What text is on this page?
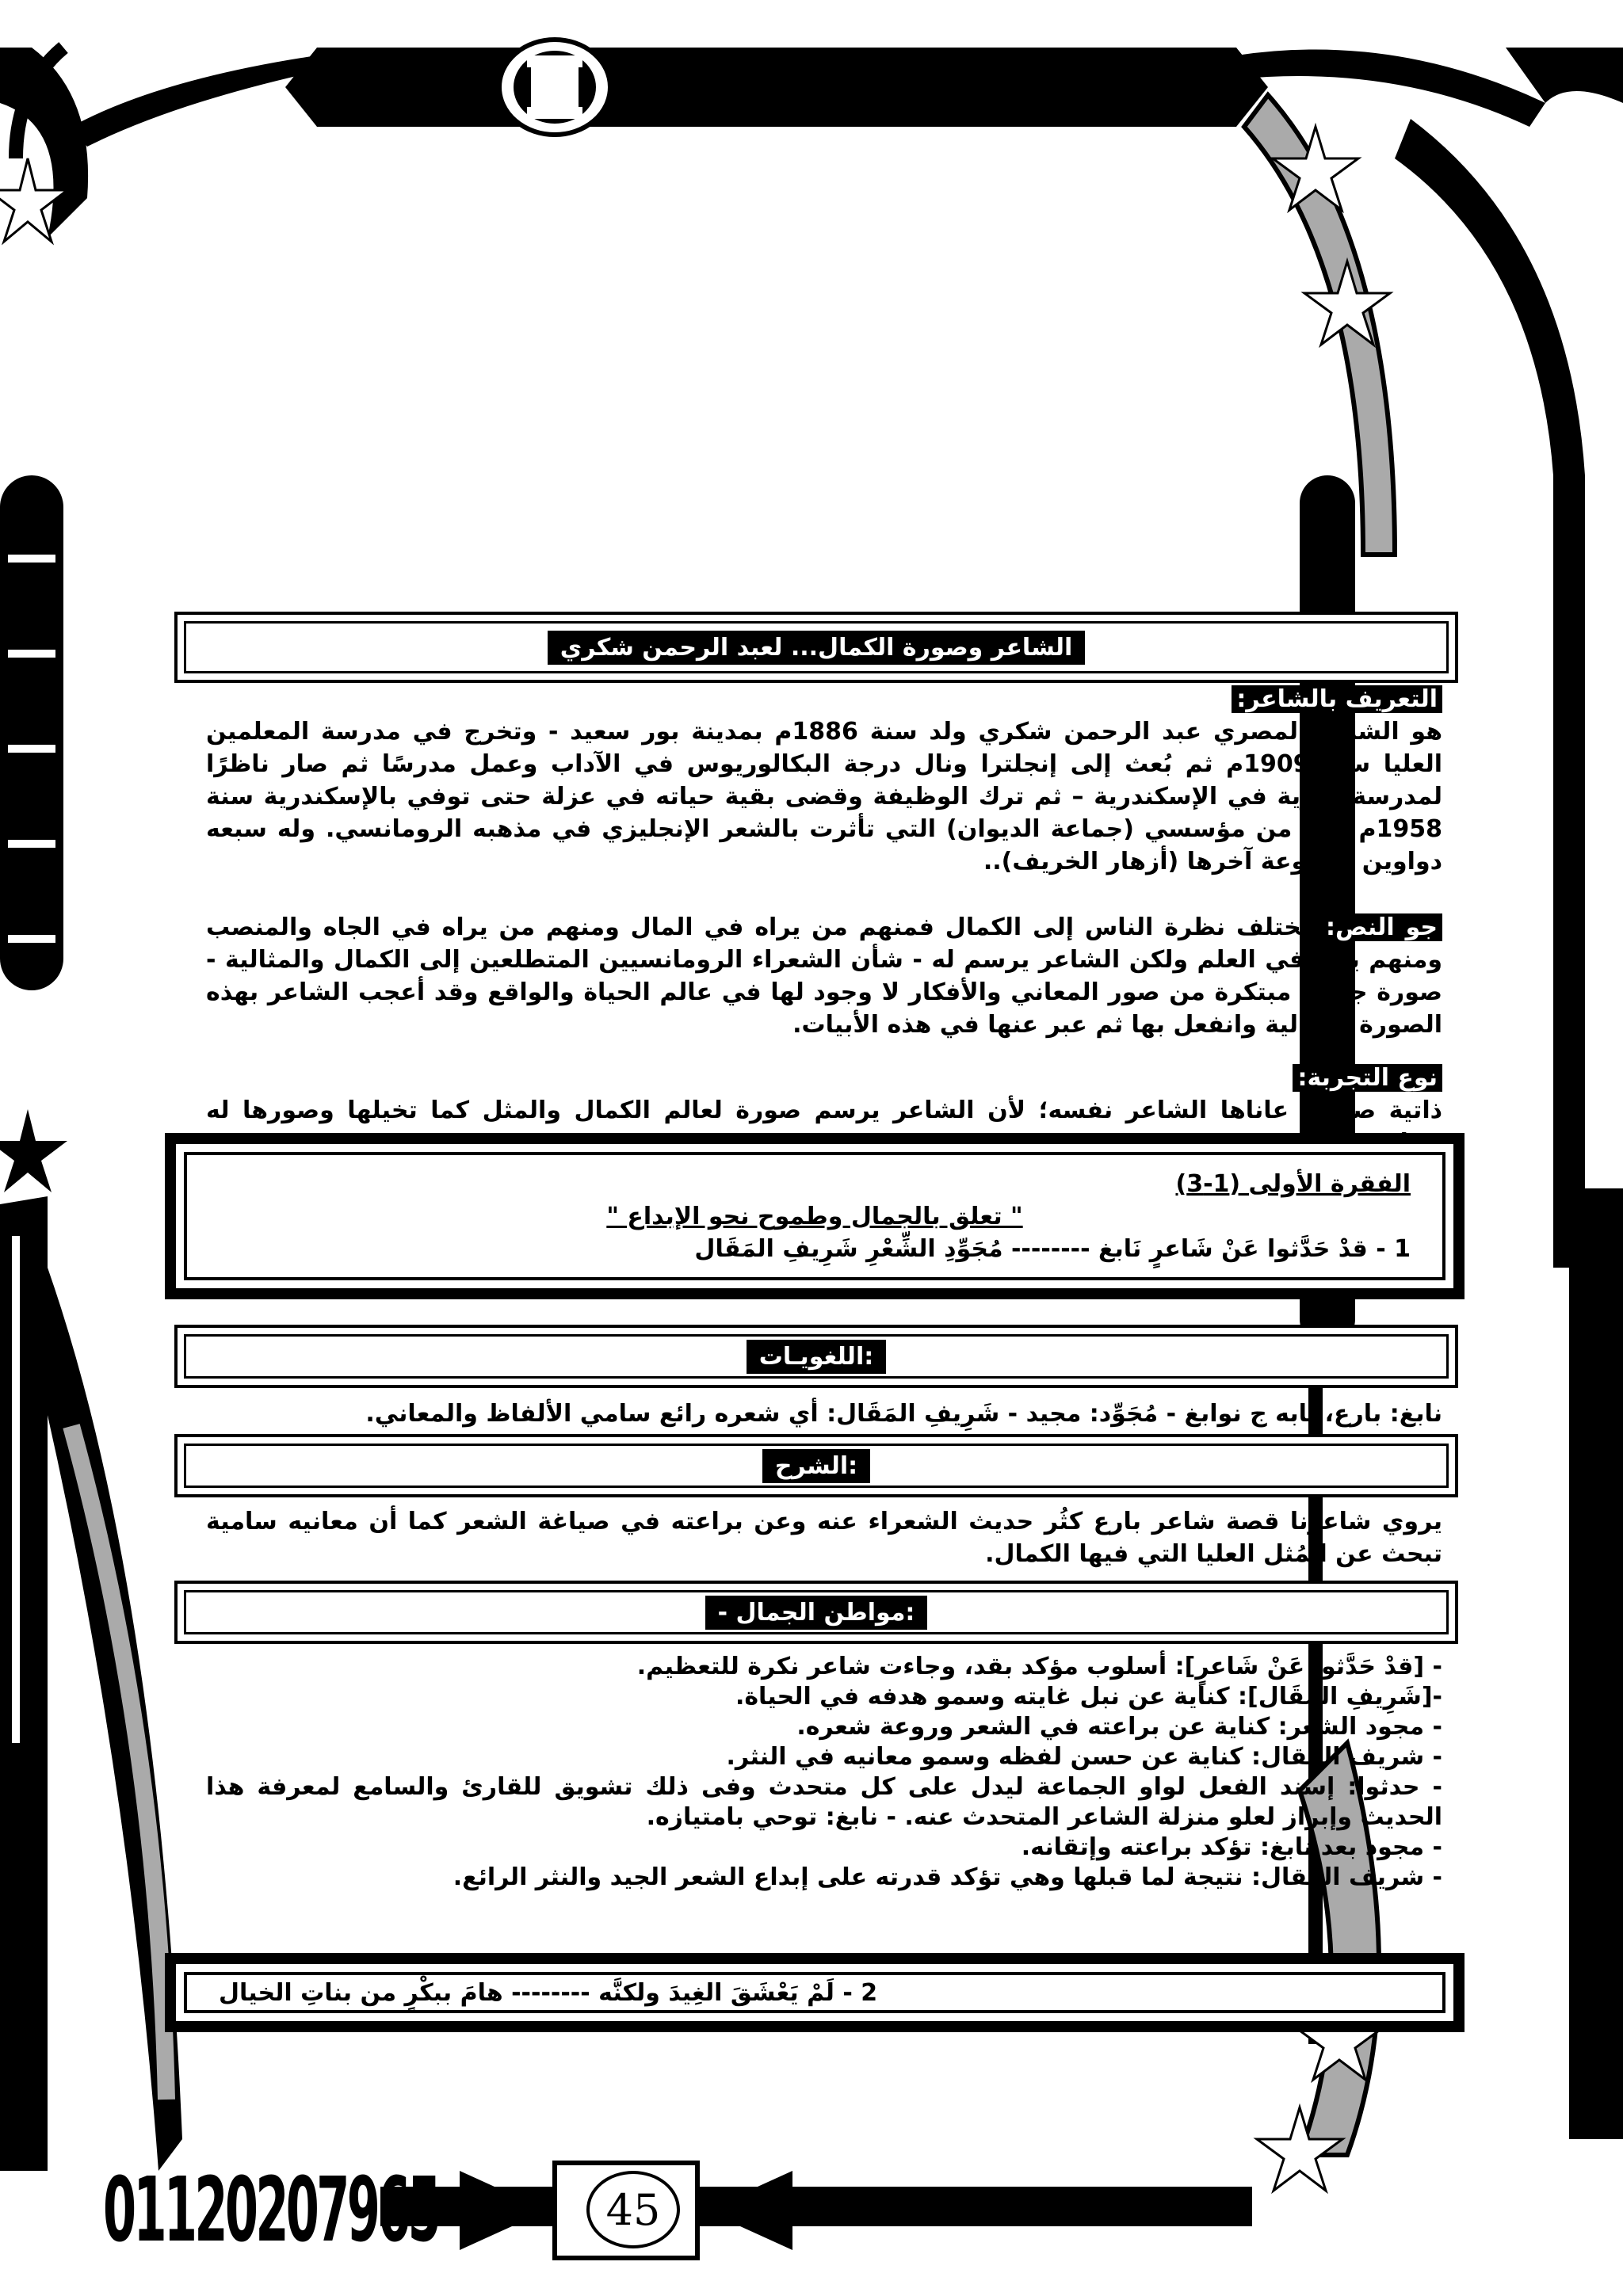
الشاعر وصورة الكمال... لعبد الرحمن شكري
التعريف بالشاعر:
هو الشاعر المصري عبد الرحمن شكري ولد سنة 1886م بمدينة بور سعيد - وتخرج في مدرسة المعلمين العليا سنة 1909م ثم بُعث إلى إنجلترا ونال درجة البكالوريوس في الآداب وعمل مدرسًا ثم صار ناظرًا لمدرسة ثانوية في الإسكندرية – ثم ترك الوظيفة وقضى بقية حياته في عزلة حتى توفي بالإسكندرية سنة 1958م وهو من مؤسسي (جماعة الديوان) التي تأثرت بالشعر الإنجليزي في مذهبه الرومانسي. وله سبعه دواوين مطبوعة آخرها (أزهار الخريف)..
جو النص: تختلف نظرة الناس إلى الكمال فمنهم من يراه في المال ومنهم من يراه في الجاه والمنصب ومنهم يراه في العلم ولكن الشاعر يرسم له - شأن الشعراء الرومانسيين المتطلعين إلى الكمال والمثالية - صورة جميلة مبتكرة من صور المعاني والأفكار لا وجود لها في عالم الحياة والواقع وقد أعجب الشاعر بهذه الصورة الخيالية وانفعل بها ثم عبر عنها في هذه الأبيات.
نوع التجربة:
ذاتية صادقة عاناها الشاعر نفسه؛ لأن الشاعر يرسم صورة لعالم الكمال والمثل كما تخيلها وصورها له
الفقرة الأولى (1-3)
" تعلق بالجمال وطموح نحو الإبداع "
1 - قدْ حَدَّثوا عَنْ شَاعرٍ نَابغ -------- مُجَوِّدِ الشِّعْرِ شَرِيفِ المَقَال
:اللغويـات
نابغ: بارع، نابه ج نوابغ - مُجَوِّد: مجيد - شَرِيفِ المَقَال: أي شعره رائع سامي الألفاظ والمعاني.
:الشرح
يروي شاعرنا قصة شاعر بارع كثُر حديث الشعراء عنه وعن براعته في صياغة الشعر كما أن معانيه سامية تبحث عن المُثل العليا التي فيها الكمال.
:مواطن الجمال -
- [قدْ حَدَّثوا عَنْ شَاعرٍ]: أسلوب مؤكد بقد، وجاءت شاعر نكرة للتعظيم.
-[شَرِيفِ المَقَال]: كناية عن نبل غايته وسمو هدفه في الحياة.
- مجود الشعر: كناية عن براعته في الشعر وروعة شعره.
- شريف المقال: كناية عن حسن لفظه وسمو معانيه في النثر.
- حدثوا: إسند الفعل لواو الجماعة ليدل على كل متحدث وفى ذلك تشويق للقارئ والسامع لمعرفة هذا الحديث وإبراز لعلو منزلة الشاعر المتحدث عنه. - نابغ: توحي بامتيازه.
- مجود بعد نابغ: تؤكد براعته وإتقانه.
- شريف المقال: نتيجة لما قبلها وهي تؤكد قدرته على إبداع الشعر الجيد والنثر الرائع.
2 - لَمْ يَعْشَقَ الغِيدَ ولكنَّه -------- هامَ ببكْرٍ من بناتِ الخيال
01120207965	45
